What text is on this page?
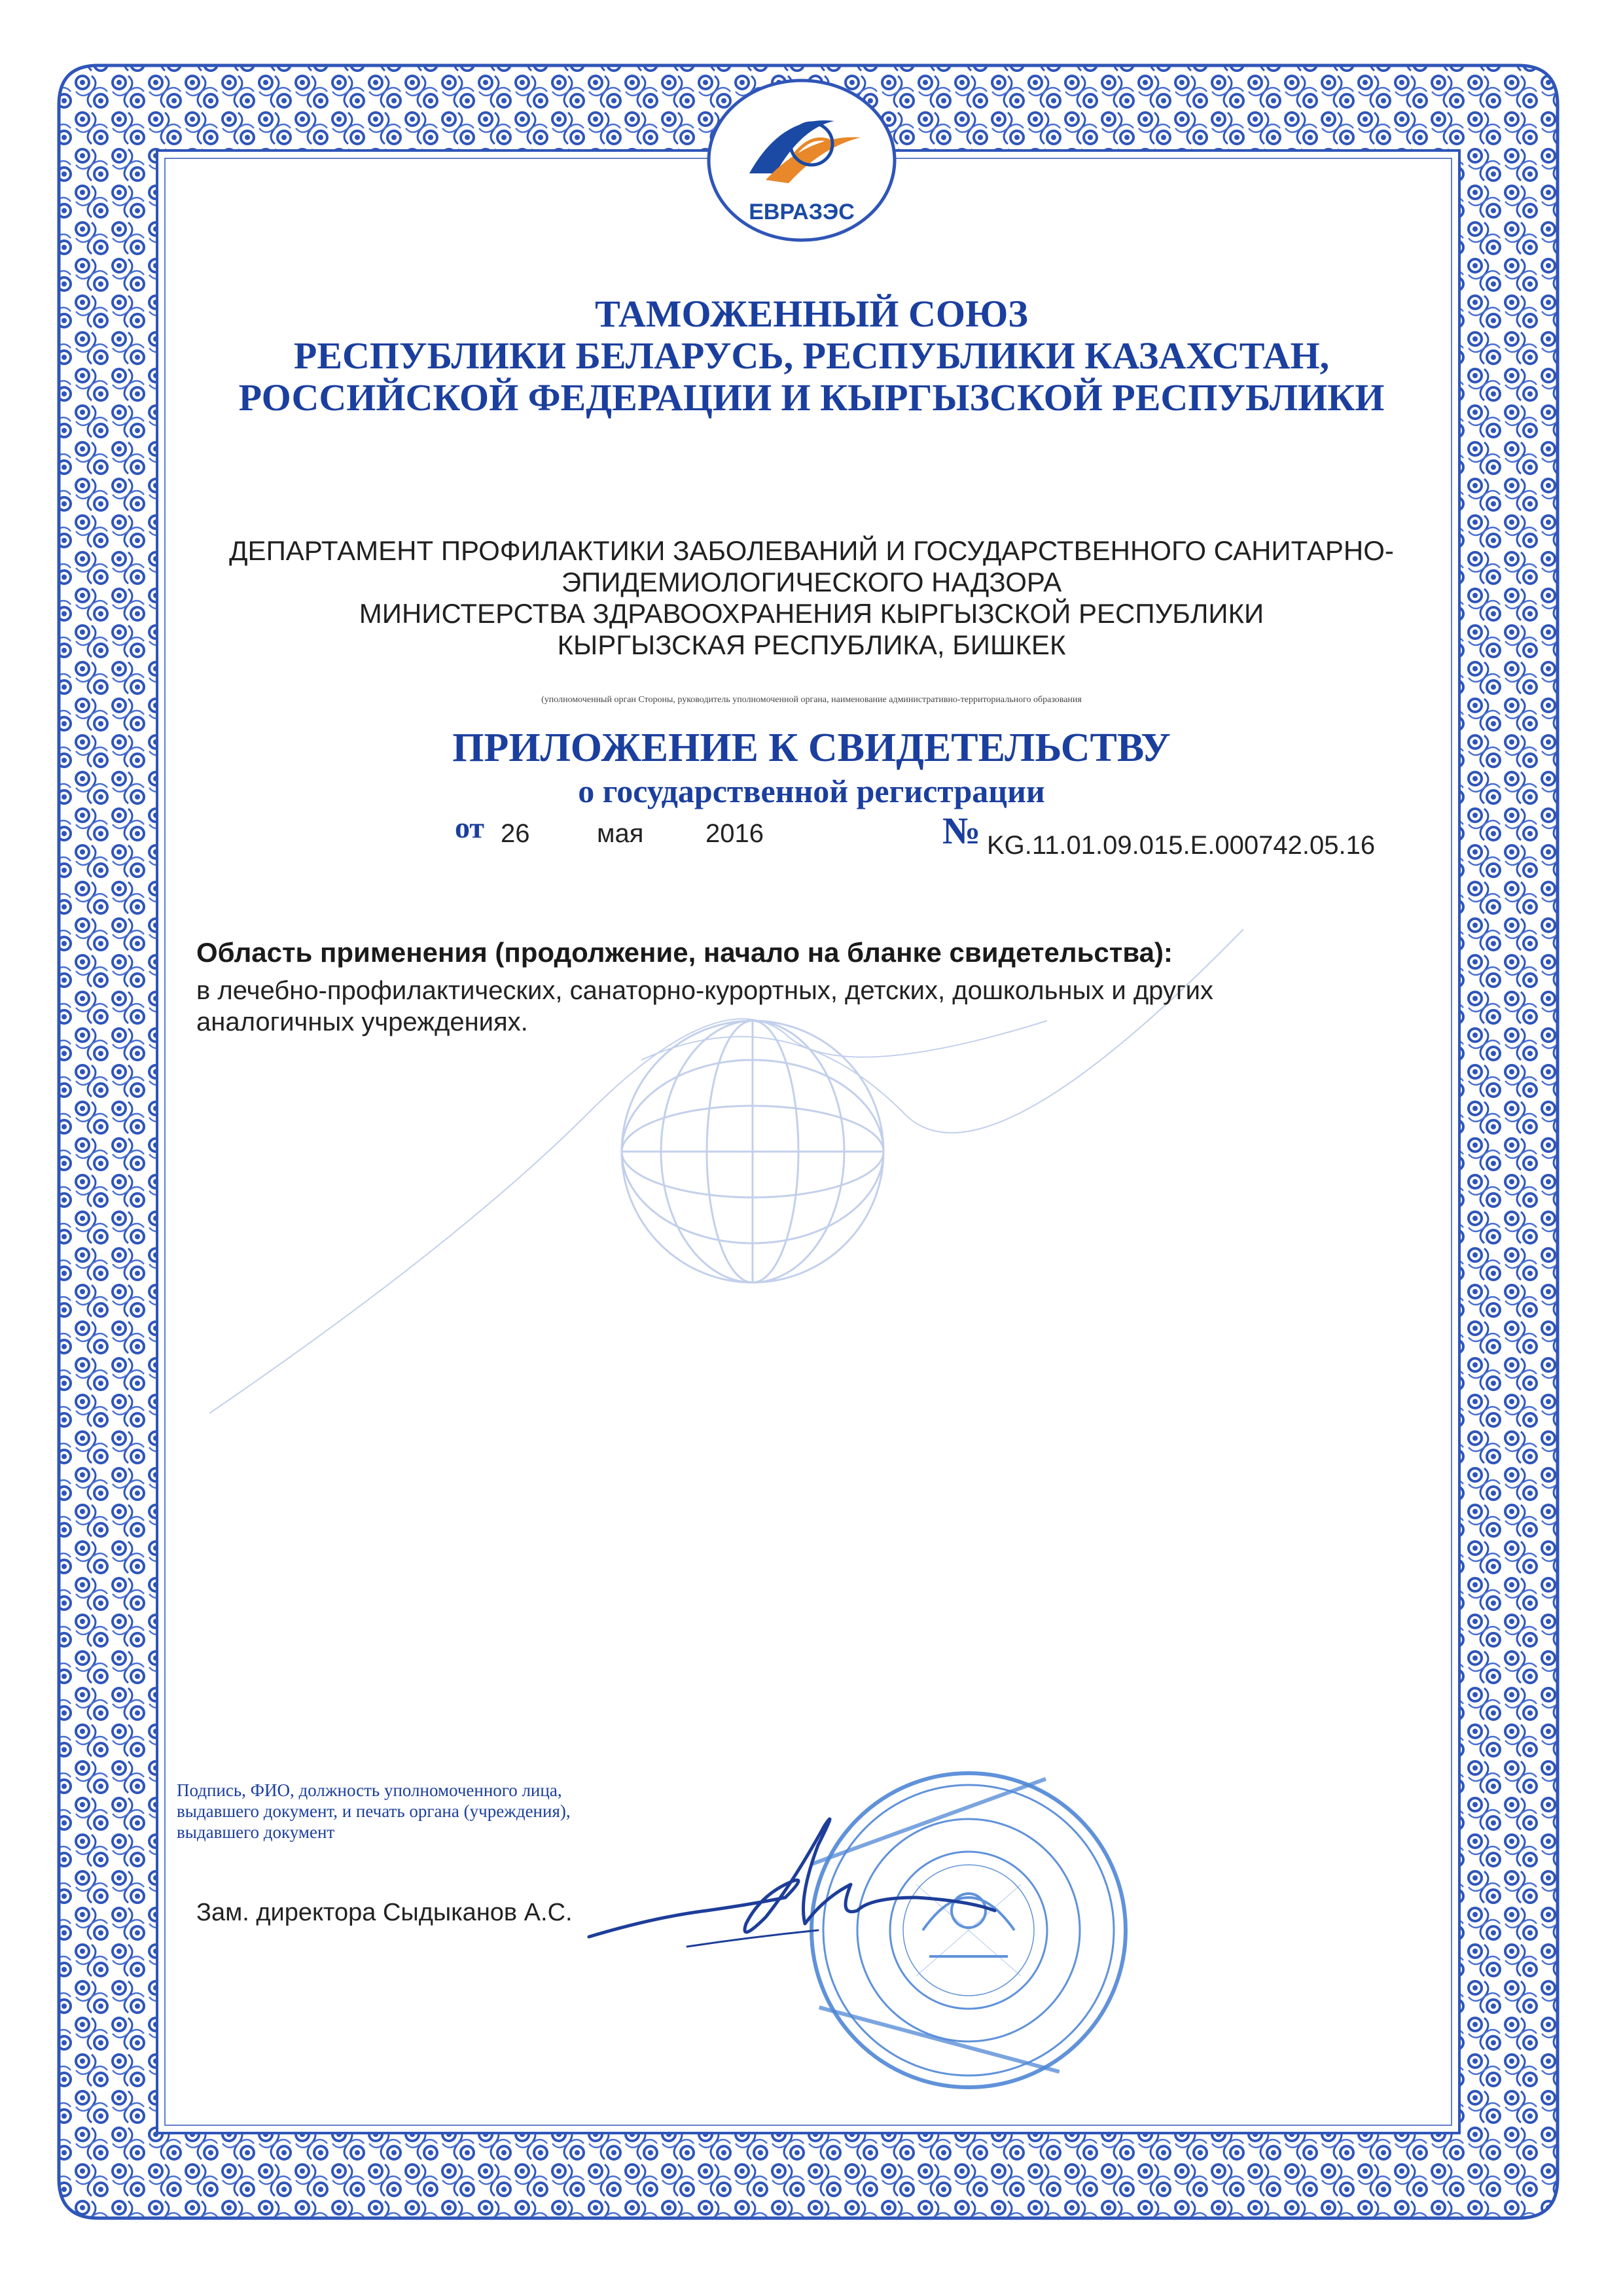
ЕВРАЗЭС
ТАМОЖЕННЫЙ СОЮЗ
РЕСПУБЛИКИ БЕЛАРУСЬ, РЕСПУБЛИКИ КАЗАХСТАН,
РОССИЙСКОЙ ФЕДЕРАЦИИ И КЫРГЫЗСКОЙ РЕСПУБЛИКИ
ДЕПАРТАМЕНТ ПРОФИЛАКТИКИ ЗАБОЛЕВАНИЙ И ГОСУДАРСТВЕННОГО САНИТАРНО-
ЭПИДЕМИОЛОГИЧЕСКОГО НАДЗОРА
МИНИСТЕРСТВА ЗДРАВООХРАНЕНИЯ КЫРГЫЗСКОЙ РЕСПУБЛИКИ
КЫРГЫЗСКАЯ РЕСПУБЛИКА, БИШКЕК
(уполномоченный орган Стороны, руководитель уполномоченной органа, наименование административно-территориального образования
ПРИЛОЖЕНИЕ К СВИДЕТЕЛЬСТВУ
о государственной регистрации
от 26	мая 2016	№ KG.11.01.09.015.E.000742.05.16
Область применения (продолжение, начало на бланке свидетельства):
в лечебно-профилактических, санаторно-курортных, детских, дошкольных и других аналогичных учреждениях.
Подпись, ФИО, должность уполномоченного лица,
выдавшего документ, и печать органа (учреждения),
выдавшего документ
Зам. директора Сыдыканов А.С.
